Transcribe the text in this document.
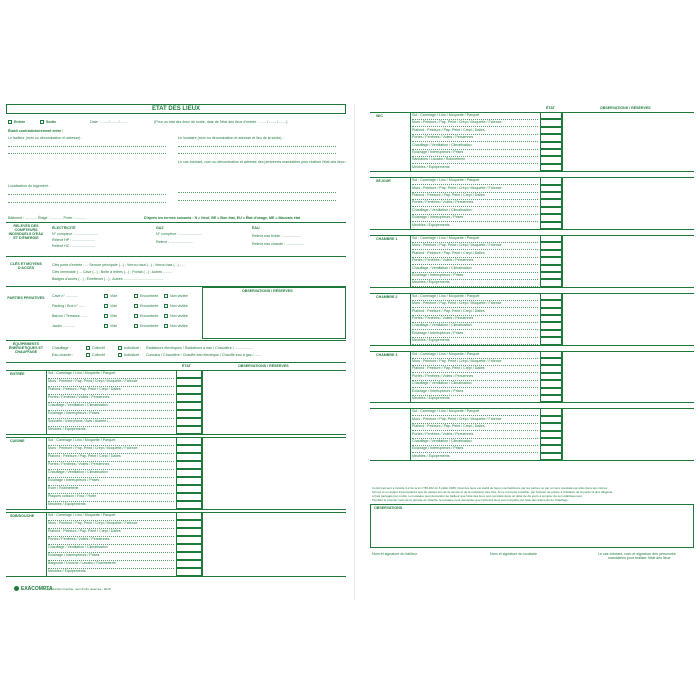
ÉTAT DES LIEUX
Entrée	Sortie	Date : ....... / ....... / .......	(Pour un état des lieux de sortie, date de l'état des lieux d'entrée : ....... / ....... / .......)
Établi contradictoirement entre :
Le bailleur (nom ou dénomination et adresse) :	Le locataire (nom ou dénomination et adresse et lieu de la sortie) :
Le cas échéant, nom ou dénomination et adresse des personnes mandatées pour réaliser l'état des lieux :
Localisation du logement :
Bâtiment : ............ Étage : ............ Porte : ............	D'après les termes suivants : N = Neuf, BE = Bon état, EU = État d'usage, ME = Mauvais état
RELEVÉS DES COMPTEURS INDIVIDUELS D'EAU ET D'ÉNERGIE
ÉLECTRICITÉ
N° compteur : .......................
Relevé HP : .......................
Relevé HC : .......................
GAZ
N° compteur : .......................
Relevé : .......................
EAU
Relevé eau froide : ..................
Relevé eau chaude : ..................
CLÉS ET MOYENS D'ACCÈS
Clés porte d'entrée : ... Serrure principale (...) ; Verrou haut (...) ; Verrou bas (...) ; ...
Clés immeuble ( ... Cave (...) ; Boîte à lettres (...) ; Portail (...) ; Autres .........
Badges d'accès (...) ; Émetteurs (...) ; Autres ........................................
OBSERVATIONS / RÉSERVES
PARTIES PRIVATIVES	Cave n° ............	Vide	Encombrée	Non visitée
Parking / Box n° ......	Vide	Encombrée	Non visitée
Balcon / Terrasse .......	Vide	Encombrée	Non visitée
Jardin ............	Vide	Encombrée	Non visitée
ÉQUIPEMENTS ÉNERGÉTIQUES ET CHAUFFAGE
Chauffage :	Collectif	Individuel : Radiateurs électriques / Radiateurs à eau / Chaudière / ..................
Eau chaude :	Collectif	Individuel : Cumulus / Chaudière / Chauffe-eau électrique / Chauffe-eau à gaz / .......
ÉTAT	OBSERVATIONS / RÉSERVES
ENTRÉE	Sol : Carrelage / Lino / Moquette / Parquet
Murs : Peinture / Pap. Peint / Crépi / Moquette / Faïence
Plafond : Peinture / Pap. Peint / Crépi / Dalles
Portes / Fenêtres / Volets / Persiennes
Chauffage / Ventilation / Climatisation
Éclairage / Interrupteurs / Prises
Sonnette / Interphone / Avis / Alarme / ...........
Meubles / Équipements
CUISINE	Sol : Carrelage / Lino / Moquette / Parquet
Murs : Peinture / Pap. Peint / Crépi / Moquette / Faïence
Plafond : Peinture / Pap. Peint / Crépi / Dalles
Portes / Fenêtres / Volets / Persiennes
Chauffage / Ventilation / Climatisation
Éclairage / Interrupteurs / Prises
Évier / Robinetterie
Plaques cuisson / Four / Hotte
Meubles / Équipements
SDB/DOUCHE	Sol : Carrelage / Lino / Moquette / Parquet
Murs : Peinture / Pap. Peint / Crépi / Moquette / Faïence
Plafond : Peinture / Pap. Peint / Crépi / Dalles
Portes / Fenêtres / Volets / Persiennes
Chauffage / Ventilation / Climatisation
Éclairage / Interrupteurs / Prises
Baignoire / Douche / Lavabo / Robinetterie
Meubles / Équipements
EXACOMPTA
Reproduction interdite, tous droits réservés - 2015
ÉTAT	OBSERVATIONS / RÉSERVES
W/C	Sol : Carrelage / Lino / Moquette / Parquet
Murs : Peinture / Pap. Peint / Crépi / Moquette / Faïence
Plafond : Peinture / Pap. Peint / Crépi / Dalles
Portes / Fenêtres / Volets / Persiennes
Chauffage / Ventilation / Climatisation
Éclairage / Interrupteurs / Prises
Sanitaires / Lavabo / Robinetterie
Meubles / Équipements
SÉJOUR	Sol : Carrelage / Lino / Moquette / Parquet
Murs : Peinture / Pap. Peint / Crépi / Moquette / Faïence
Plafond : Peinture / Pap. Peint / Crépi / Dalles
Portes / Fenêtres / Volets / Persiennes
Chauffage / Ventilation / Climatisation
Éclairage / Interrupteurs / Prises
Meubles / Équipements
CHAMBRE 1	Sol : Carrelage / Lino / Moquette / Parquet
Murs : Peinture / Pap. Peint / Crépi / Moquette / Faïence
Plafond : Peinture / Pap. Peint / Crépi / Dalles
Portes / Fenêtres / Volets / Persiennes
Chauffage / Ventilation / Climatisation
Éclairage / Interrupteurs / Prises
Meubles / Équipements
CHAMBRE 2	Sol : Carrelage / Lino / Moquette / Parquet
Murs : Peinture / Pap. Peint / Crépi / Moquette / Faïence
Plafond : Peinture / Pap. Peint / Crépi / Dalles
Portes / Fenêtres / Volets / Persiennes
Chauffage / Ventilation / Climatisation
Éclairage / Interrupteurs / Prises
Meubles / Équipements
CHAMBRE 3	Sol : Carrelage / Lino / Moquette / Parquet
Murs : Peinture / Pap. Peint / Crépi / Moquette / Faïence
Plafond : Peinture / Pap. Peint / Crépi / Dalles
Portes / Fenêtres / Volets / Persiennes
Chauffage / Ventilation / Climatisation
Éclairage / Interrupteurs / Prises
Meubles / Équipements
Sol : Carrelage / Lino / Moquette / Parquet
Murs : Peinture / Pap. Peint / Crépi / Moquette / Faïence
Plafond : Peinture / Pap. Peint / Crépi / Dalles
Portes / Fenêtres / Volets / Persiennes
Chauffage / Ventilation / Climatisation
Éclairage / Interrupteurs / Prises
Meubles / Équipements
Conformément à l'article 3-2 de la loi n°89-462 du 6 juillet 1989, l'état des lieux est établi de façon contradictoire par les parties ou par un tiers mandaté par elles dans les mêmes
formes et en autant d'exemplaires que de parties lors de la remise et de la restitution des clés. Si ce n'est pas possible, par huissier de justice à l'initiative de la partie la plus diligente,
à frais partagés par moitié. Le locataire peut demander au bailleur que l'état des lieux soit complété dans un délai de dix jours à compter de son établissement.
Pendant le premier mois de la période de chauffe, le locataire peut demander que l'état des lieux soit complété par l'état des éléments de chauffage.
OBSERVATIONS
Nom et signature du bailleur	Nom et signature du locataire	Le cas échéant, nom et signature des personnes
mandatées pour réaliser l'état des lieux
